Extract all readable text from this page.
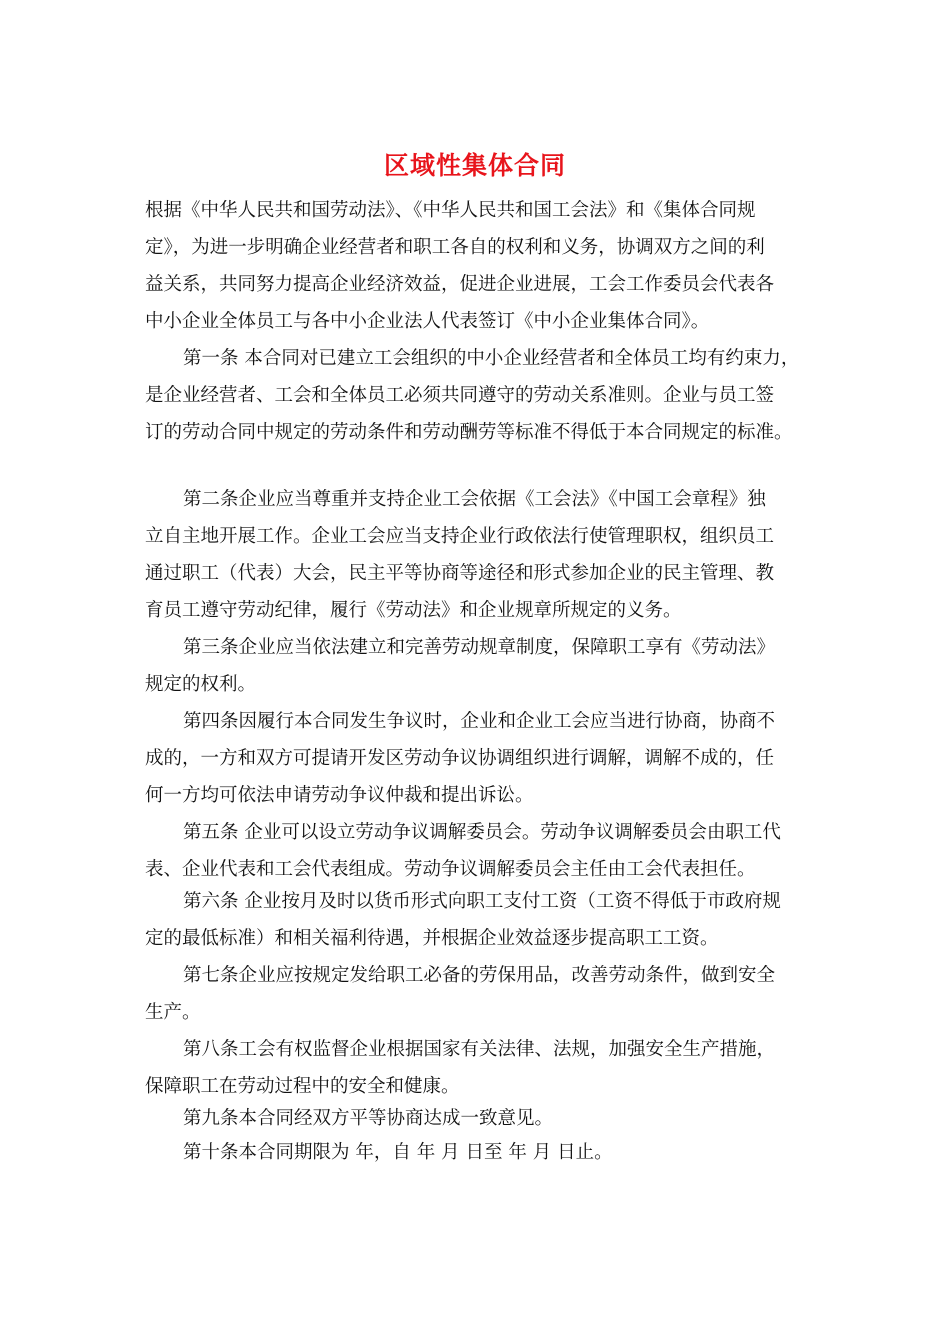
区域性集体合同
根据《中华人民共和国劳动法》、《中华人民共和国工会法》和《集体合同规
定》，为进一步明确企业经营者和职工各自的权利和义务，协调双方之间的利
益关系，共同努力提高企业经济效益，促进企业进展，工会工作委员会代表各
中小企业全体员工与各中小企业法人代表签订《中小企业集体合同》。
第一条 本合同对已建立工会组织的中小企业经营者和全体员工均有约束力，
是企业经营者、工会和全体员工必须共同遵守的劳动关系准则。企业与员工签
订的劳动合同中规定的劳动条件和劳动酬劳等标准不得低于本合同规定的标准。
第二条企业应当尊重并支持企业工会依据《工会法》《中国工会章程》独
立自主地开展工作。企业工会应当支持企业行政依法行使管理职权，组织员工
通过职工（代表）大会，民主平等协商等途径和形式参加企业的民主管理、教
育员工遵守劳动纪律，履行《劳动法》和企业规章所规定的义务。
第三条企业应当依法建立和完善劳动规章制度，保障职工享有《劳动法》
规定的权利。
第四条因履行本合同发生争议时，企业和企业工会应当进行协商，协商不
成的，一方和双方可提请开发区劳动争议协调组织进行调解，调解不成的，任
何一方均可依法申请劳动争议仲裁和提出诉讼。
第五条 企业可以设立劳动争议调解委员会。劳动争议调解委员会由职工代
表、企业代表和工会代表组成。劳动争议调解委员会主任由工会代表担任。
第六条 企业按月及时以货币形式向职工支付工资（工资不得低于市政府规
定的最低标准）和相关福利待遇，并根据企业效益逐步提高职工工资。
第七条企业应按规定发给职工必备的劳保用品，改善劳动条件，做到安全
生产。
第八条工会有权监督企业根据国家有关法律、法规，加强安全生产措施，
保障职工在劳动过程中的安全和健康。
第九条本合同经双方平等协商达成一致意见。
第十条本合同期限为 年，自 年 月 日至 年 月 日止。
